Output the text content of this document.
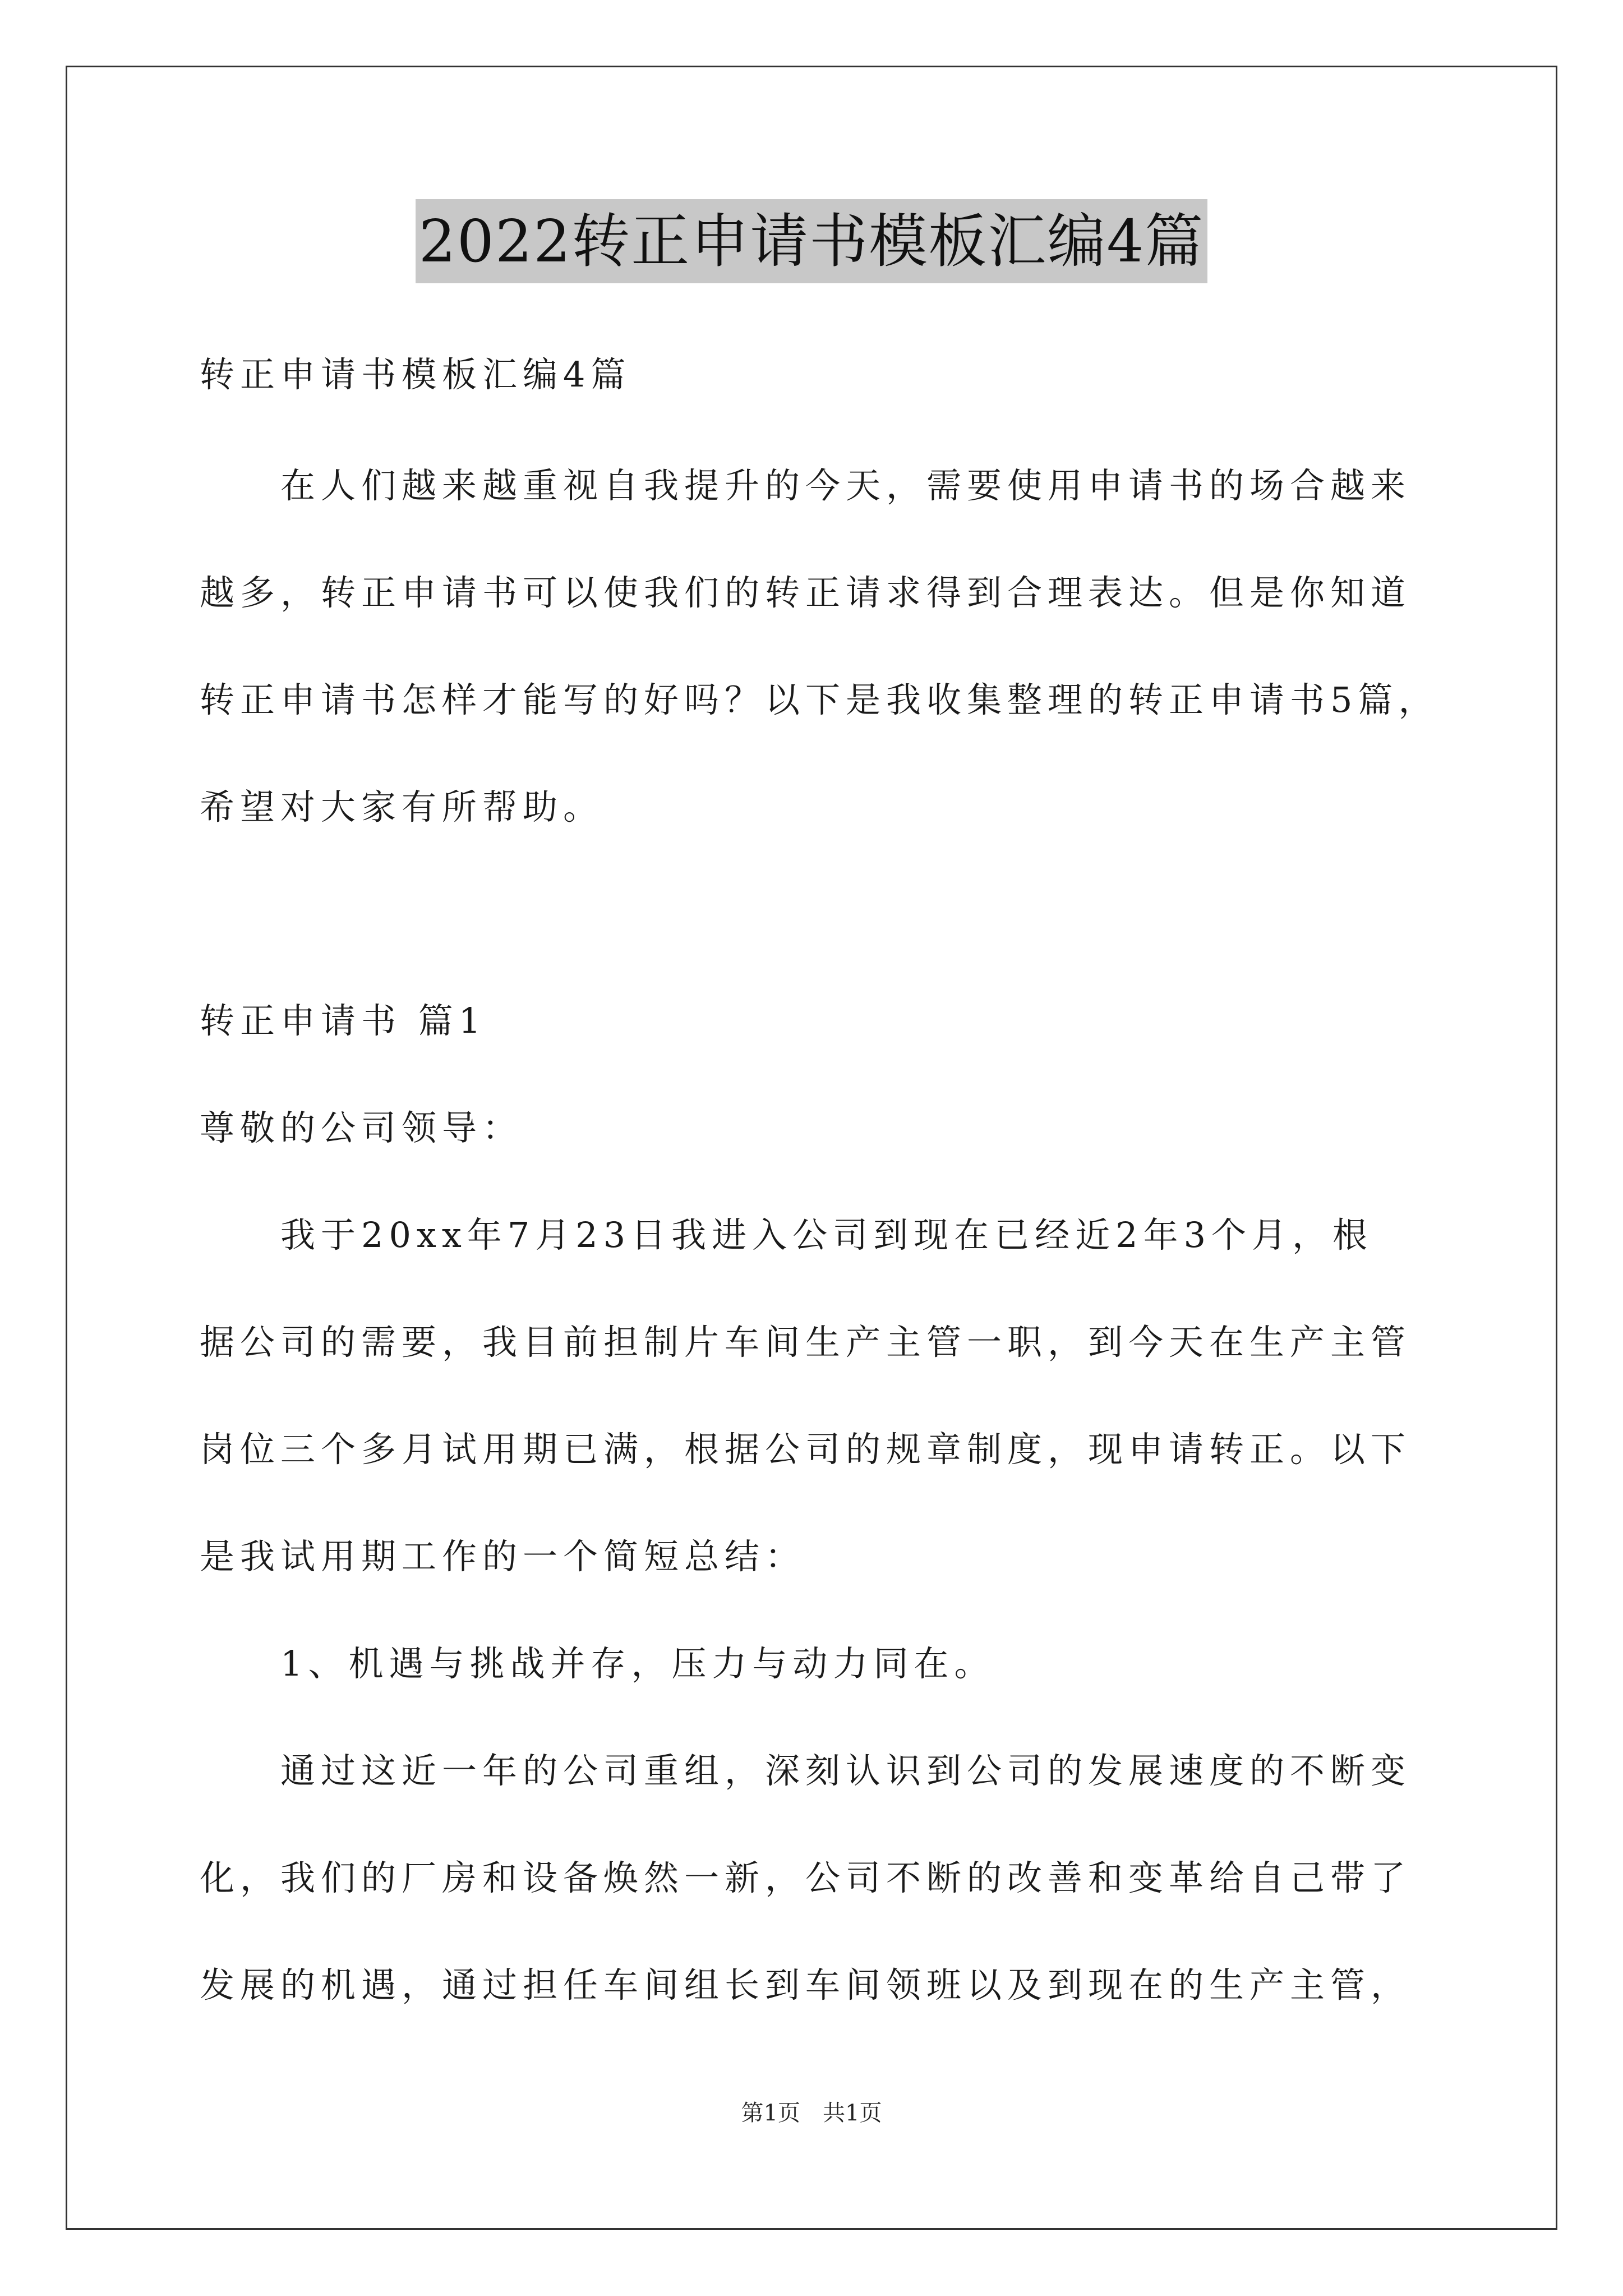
2022转正申请书模板汇编4篇
转正申请书模板汇编4篇
在人们越来越重视自我提升的今天，需要使用申请书的场合越来
越多，转正申请书可以使我们的转正请求得到合理表达。但是你知道
转正申请书怎样才能写的好吗？以下是我收集整理的转正申请书5篇，
希望对大家有所帮助。
转正申请书 篇1
尊敬的公司领导：
我于20xx年7月23日我进入公司到现在已经近2年3个月，根
据公司的需要，我目前担制片车间生产主管一职，到今天在生产主管
岗位三个多月试用期已满，根据公司的规章制度，现申请转正。以下
是我试用期工作的一个简短总结：
1、机遇与挑战并存，压力与动力同在。
通过这近一年的公司重组，深刻认识到公司的发展速度的不断变
化，我们的厂房和设备焕然一新，公司不断的改善和变革给自己带了
发展的机遇，通过担任车间组长到车间领班以及到现在的生产主管，
第1页　共1页
